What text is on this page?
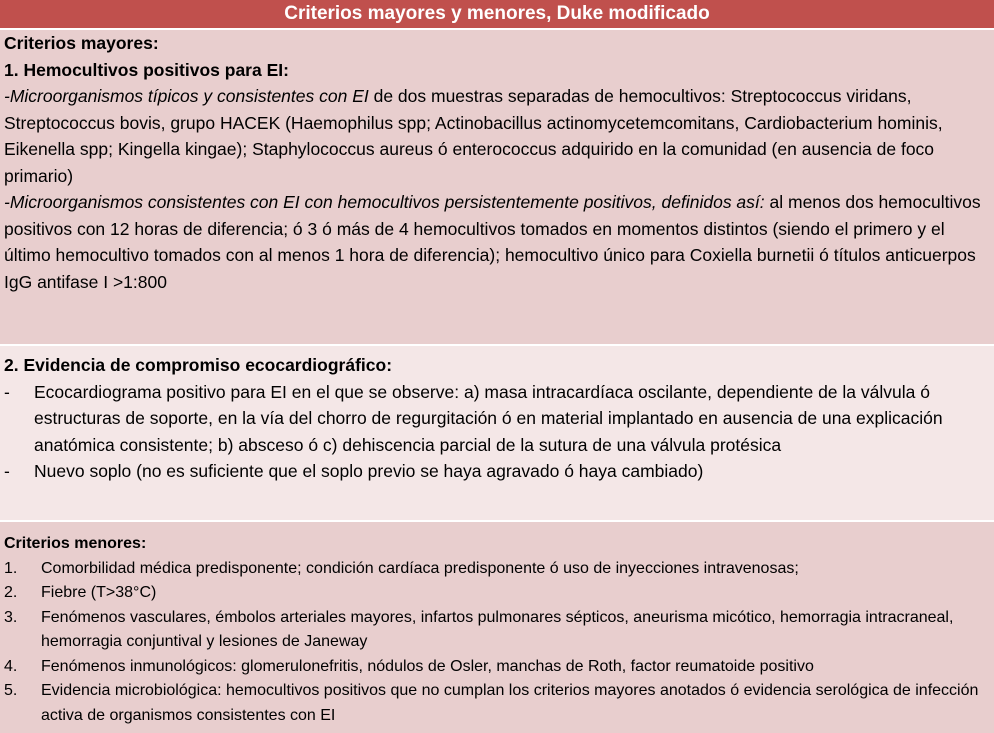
Criterios mayores y menores, Duke modificado

Criterios mayores:

1. Hemocultivos positivos para EI:

-Microorganismos típicos y consistentes con EI de dos muestras separadas de hemocultivos: Streptococcus viridans, Streptococcus bovis, grupo HACEK (Haemophilus spp; Actinobacillus actinomycetemcomitans, Cardiobacterium hominis, Eikenella spp; Kingella kingae); Staphylococcus aureus ó enterococcus adquirido en la comunidad (en ausencia de foco primario)

-Microorganismos consistentes con EI con hemocultivos persistentemente positivos, definidos así: al menos dos hemocultivos positivos con 12 horas de diferencia; ó 3 ó más de 4 hemocultivos tomados en momentos distintos (siendo el primero y el último hemocultivo tomados con al menos 1 hora de diferencia); hemocultivo único para Coxiella burnetii ó títulos anticuerpos IgG antifase I >1:800

2. Evidencia de compromiso ecocardiográfico:

-	Ecocardiograma positivo para EI en el que se observe: a) masa intracardíaca oscilante, dependiente de la válvula ó estructuras de soporte, en la vía del chorro de regurgitación ó en material implantado en ausencia de una explicación anatómica consistente; b) absceso ó c) dehiscencia parcial de la sutura de una válvula protésica
-	Nuevo soplo (no es suficiente que el soplo previo se haya agravado ó haya cambiado)

Criterios menores:

1.	Comorbilidad médica predisponente; condición cardíaca predisponente ó uso de inyecciones intravenosas;
2.	Fiebre (T>38°C)
3.	Fenómenos vasculares, émbolos arteriales mayores, infartos pulmonares sépticos, aneurisma micótico, hemorragia intracraneal, hemorragia conjuntival y lesiones de Janeway
4.	Fenómenos inmunológicos: glomerulonefritis, nódulos de Osler, manchas de Roth, factor reumatoide positivo
5.	Evidencia microbiológica: hemocultivos positivos que no cumplan los criterios mayores anotados ó evidencia serológica de infección activa de organismos consistentes con EI
